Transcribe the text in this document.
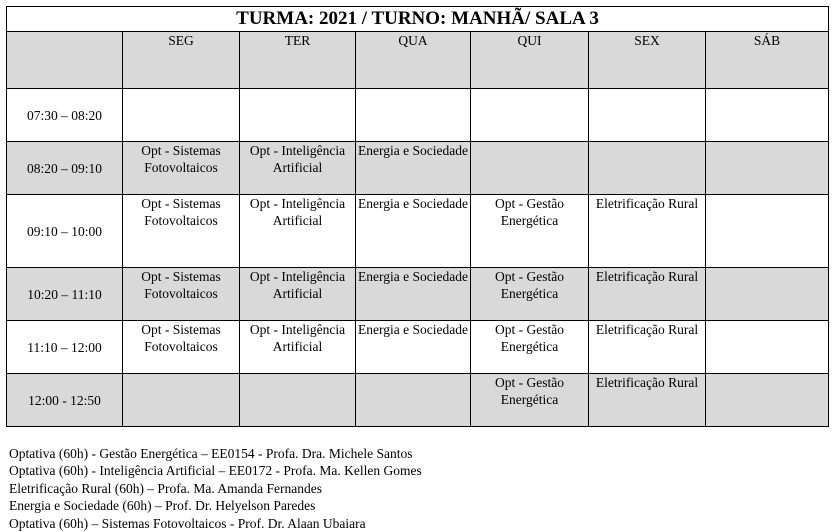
TURMA: 2021 / TURNO: MANHÃ/ SALA 3						
	SEG	TER	QUA	QUI	SEX	SÁB
07:30 – 08:20						
08:20 – 09:10	Opt - Sistemas Fotovoltaicos	Opt - Inteligência Artificial	Energia e Sociedade			
09:10 – 10:00	Opt - Sistemas Fotovoltaicos	Opt - Inteligência Artificial	Energia e Sociedade	Opt - Gestão Energética	Eletrificação Rural	
10:20 – 11:10	Opt - Sistemas Fotovoltaicos	Opt - Inteligência Artificial	Energia e Sociedade	Opt - Gestão Energética	Eletrificação Rural	
11:10 – 12:00	Opt - Sistemas Fotovoltaicos	Opt - Inteligência Artificial	Energia e Sociedade	Opt - Gestão Energética	Eletrificação Rural	
12:00 - 12:50				Opt - Gestão Energética	Eletrificação Rural	
Optativa (60h) - Gestão Energética – EE0154 - Profa. Dra. Michele Santos
Optativa (60h) - Inteligência Artificial – EE0172 - Profa. Ma. Kellen Gomes
Eletrificação Rural (60h) – Profa. Ma. Amanda Fernandes
Energia e Sociedade (60h) – Prof. Dr. Helyelson Paredes
Optativa (60h) – Sistemas Fotovoltaicos - Prof. Dr. Alaan Ubaiara
